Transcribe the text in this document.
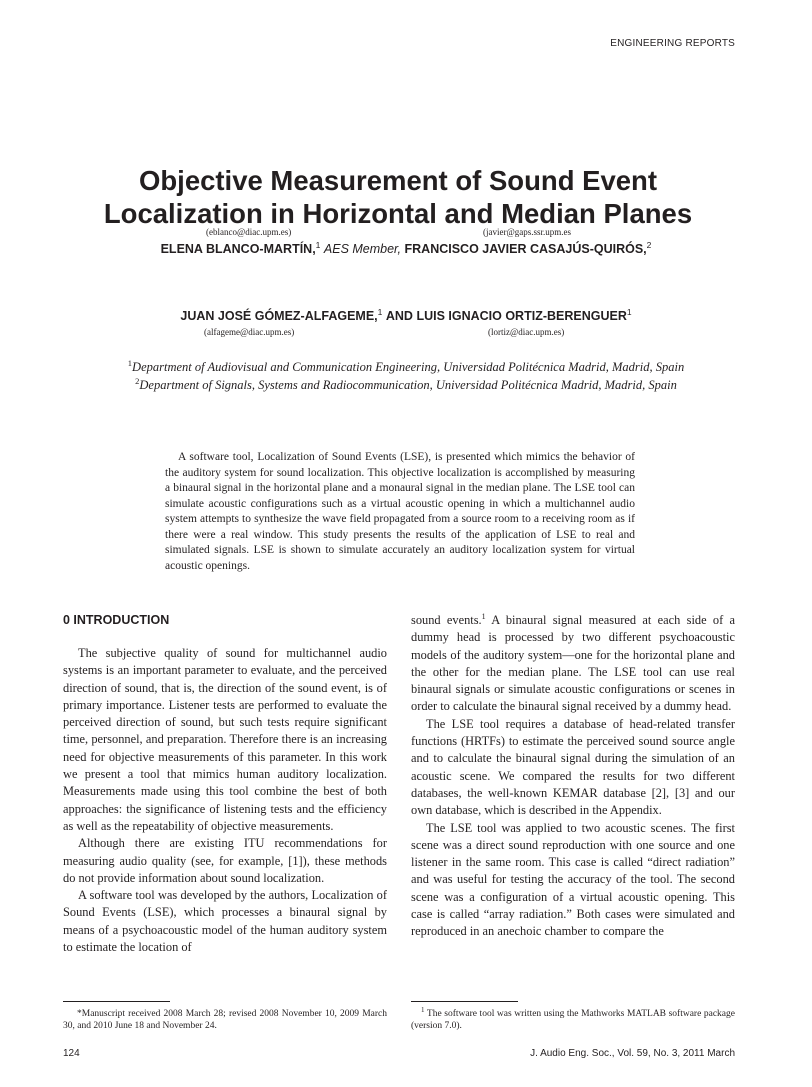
ENGINEERING REPORTS
Objective Measurement of Sound Event
Localization in Horizontal and Median Planes
(eblanco@diac.upm.es)	(javier@gaps.ssr.upm.es
ELENA BLANCO-MARTÍN,$^1$ AES Member, FRANCISCO JAVIER CASAJÚS-QUIRÓS,$^2$
JUAN JOSÉ GÓMEZ-ALFAGEME,$^1$ AND LUIS IGNACIO ORTIZ-BERENGUER$^1$
(alfageme@diac.upm.es)	(lortiz@diac.upm.es)
$^1$Department of Audiovisual and Communication Engineering, Universidad Politécnica Madrid, Madrid, Spain
$^2$Department of Signals, Systems and Radiocommunication, Universidad Politécnica Madrid, Madrid, Spain

A software tool, Localization of Sound Events (LSE), is presented which mimics the behavior of the auditory system for sound localization. This objective localization is accomplished by measuring a binaural signal in the horizontal plane and a monaural signal in the median plane. The LSE tool can simulate acoustic configurations such as a virtual acoustic opening in which a multichannel audio system attempts to synthesize the wave field propagated from a source room to a receiving room as if there were a real window. This study presents the results of the application of LSE to real and simulated signals. LSE is shown to simulate accurately an auditory localization system for virtual acoustic openings.

0 INTRODUCTION

The subjective quality of sound for multichannel audio systems is an important parameter to evaluate, and the perceived direction of sound, that is, the direction of the sound event, is of primary importance. Listener tests are performed to evaluate the perceived direction of sound, but such tests require significant time, personnel, and preparation. Therefore there is an increasing need for objective measurements of this parameter. In this work we present a tool that mimics human auditory localization. Measurements made using this tool combine the best of both approaches: the significance of listening tests and the efficiency as well as the repeatability of objective measurements.

Although there are existing ITU recommendations for measuring audio quality (see, for example, [1]), these methods do not provide information about sound localization.

A software tool was developed by the authors, Localization of Sound Events (LSE), which processes a binaural signal by means of a psychoacoustic model of the human auditory system to estimate the location of

sound events.$^1$ A binaural signal measured at each side of a dummy head is processed by two different psychoacoustic models of the auditory system—one for the horizontal plane and the other for the median plane. The LSE tool can use real binaural signals or simulate acoustic configurations or scenes in order to calculate the binaural signal received by a dummy head.

The LSE tool requires a database of head-related transfer functions (HRTFs) to estimate the perceived sound source angle and to calculate the binaural signal during the simulation of an acoustic scene. We compared the results for two different databases, the well-known KEMAR database [2], [3] and our own database, which is described in the Appendix.

The LSE tool was applied to two acoustic scenes. The first scene was a direct sound reproduction with one source and one listener in the same room. This case is called “direct radiation” and was useful for testing the accuracy of the tool. The second scene was a configuration of a virtual acoustic opening. This case is called “array radiation.” Both cases were simulated and reproduced in an anechoic chamber to compare the

*Manuscript received 2008 March 28; revised 2008 November 10, 2009 March 30, and 2010 June 18 and November 24.

$^1$ The software tool was written using the Mathworks MATLAB software package (version 7.0).

124	J. Audio Eng. Soc., Vol. 59, No. 3, 2011 March
